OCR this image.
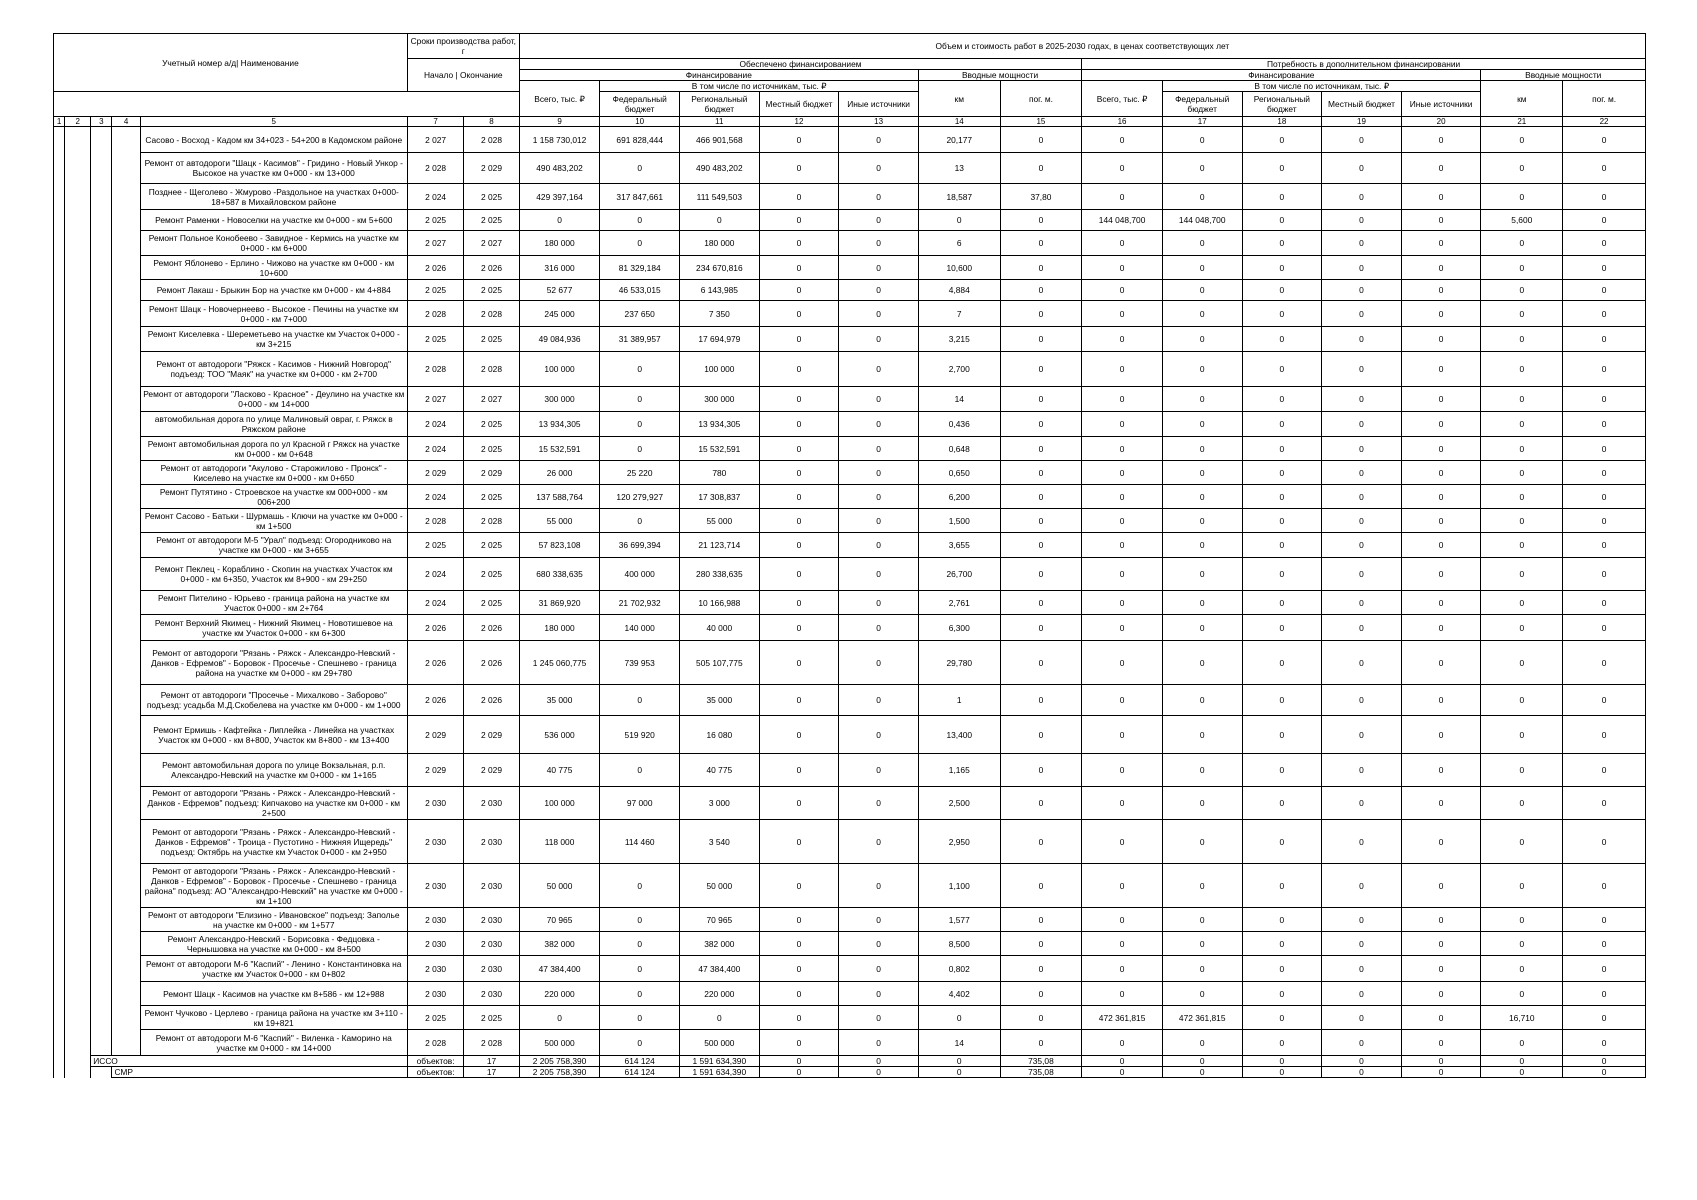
Учетный номер а/д| Наименование					Сроки производства работ, г		Объем и стоимость работ в 2025-2030 годах, в ценах соответствующих лет													

					Начало | Окончание		Обеспечено финансированием							Потребность в дополнительном финансировании						
							Финансирование					Вводные мощности		Финансирование					Вводные мощности	
							Всего, тыс. ₽	В том числе по источникам, тыс. ₽				км	пог. м.	Всего, тыс. ₽	В том числе по источникам, тыс. ₽				км	пог. м.
								Федеральный бюджет	Региональный бюджет	Местный бюджет	Иные источники				Федеральный бюджет	Региональный бюджет	Местный бюджет	Иные источники		
1	2	3	4	5	7	8	9	10	11	12	13	14	15	16	17	18	19	20	21	22
				Сасово - Восход - Кадом км 34+023 - 54+200 в Кадомском районе	2 027	2 028	1 158 730,012	691 828,444	466 901,568	0	0	20,177	0	0	0	0	0	0	0	0
				Ремонт от автодороги "Шацк - Касимов" - Гридино - Новый Ункор - Высокое на участке км 0+000 - км 13+000	2 028	2 029	490 483,202	0	490 483,202	0	0	13	0	0	0	0	0	0	0	0
				Позднее - Щеголево - Жмурово -Раздольное на участках 0+000-18+587 в Михайловском районе	2 024	2 025	429 397,164	317 847,661	111 549,503	0	0	18,587	37,80	0	0	0	0	0	0	0
				Ремонт Раменки - Новоселки на участке км 0+000 - км 5+600	2 025	2 025	0	0	0	0	0	0	0	144 048,700	144 048,700	0	0	0	5,600	0
				Ремонт Польное Конобеево - Завидное - Кермись на участке км 0+000 - км 6+000	2 027	2 027	180 000	0	180 000	0	0	6	0	0	0	0	0	0	0	0
				Ремонт Яблонево - Ерлино - Чижово на участке км 0+000 - км 10+600	2 026	2 026	316 000	81 329,184	234 670,816	0	0	10,600	0	0	0	0	0	0	0	0
				Ремонт Лакаш - Брыкин Бор на участке км 0+000 - км 4+884	2 025	2 025	52 677	46 533,015	6 143,985	0	0	4,884	0	0	0	0	0	0	0	0
				Ремонт Шацк - Новочернеево - Высокое - Печины на участке км 0+000 - км 7+000	2 028	2 028	245 000	237 650	7 350	0	0	7	0	0	0	0	0	0	0	0
				Ремонт Киселевка - Шереметьево на участке км Участок 0+000 - км 3+215	2 025	2 025	49 084,936	31 389,957	17 694,979	0	0	3,215	0	0	0	0	0	0	0	0
				Ремонт от автодороги "Ряжск - Касимов - Нижний Новгород" подъезд: ТОО "Маяк" на участке км 0+000 - км 2+700	2 028	2 028	100 000	0	100 000	0	0	2,700	0	0	0	0	0	0	0	0
				Ремонт от автодороги "Ласково - Красное" - Деулино на участке км 0+000 - км 14+000	2 027	2 027	300 000	0	300 000	0	0	14	0	0	0	0	0	0	0	0
				автомобильная дорога по улице Малиновый овраг, г. Ряжск в Ряжском районе	2 024	2 025	13 934,305	0	13 934,305	0	0	0,436	0	0	0	0	0	0	0	0
				Ремонт автомобильная дорога по ул Красной г Ряжск на участке км 0+000 - км 0+648	2 024	2 025	15 532,591	0	15 532,591	0	0	0,648	0	0	0	0	0	0	0	0
				Ремонт от автодороги "Акулово - Старожилово - Пронск" - Киселево на участке км 0+000 - км 0+650	2 029	2 029	26 000	25 220	780	0	0	0,650	0	0	0	0	0	0	0	0
				Ремонт Путятино - Строевское на участке км 000+000 - км 006+200	2 024	2 025	137 588,764	120 279,927	17 308,837	0	0	6,200	0	0	0	0	0	0	0	0
				Ремонт Сасово - Батьки - Шурмашь - Ключи на участке км 0+000 - км 1+500	2 028	2 028	55 000	0	55 000	0	0	1,500	0	0	0	0	0	0	0	0
				Ремонт от автодороги М-5 "Урал" подъезд: Огородниково на участке км 0+000 - км 3+655	2 025	2 025	57 823,108	36 699,394	21 123,714	0	0	3,655	0	0	0	0	0	0	0	0
				Ремонт Пеклец - Кораблино - Скопин на участках Участок км 0+000 - км 6+350, Участок км 8+900 - км 29+250	2 024	2 025	680 338,635	400 000	280 338,635	0	0	26,700	0	0	0	0	0	0	0	0
				Ремонт Пителино - Юрьево - граница района на участке км Участок 0+000 - км 2+764	2 024	2 025	31 869,920	21 702,932	10 166,988	0	0	2,761	0	0	0	0	0	0	0	0
				Ремонт Верхний Якимец - Нижний Якимец - Новотишевое на участке км Участок 0+000 - км 6+300	2 026	2 026	180 000	140 000	40 000	0	0	6,300	0	0	0	0	0	0	0	0
				Ремонт от автодороги "Рязань - Ряжск - Александро-Невский - Данков - Ефремов" - Боровок - Просечье - Спешнево - граница района на участке км 0+000 - км 29+780	2 026	2 026	1 245 060,775	739 953	505 107,775	0	0	29,780	0	0	0	0	0	0	0	0
				Ремонт от автодороги "Просечье - Михалково - Заборово" подъезд: усадьба М.Д.Скобелева на участке км 0+000 - км 1+000	2 026	2 026	35 000	0	35 000	0	0	1	0	0	0	0	0	0	0	0
				Ремонт Ермишь - Кафтейка - Липлейка - Линейка на участках Участок км 0+000 - км 8+800, Участок км 8+800 - км 13+400	2 029	2 029	536 000	519 920	16 080	0	0	13,400	0	0	0	0	0	0	0	0
				Ремонт автомобильная дорога по улице Вокзальная, р.п. Александро-Невский на участке км 0+000 - км 1+165	2 029	2 029	40 775	0	40 775	0	0	1,165	0	0	0	0	0	0	0	0
				Ремонт от автодороги "Рязань - Ряжск - Александро-Невский - Данков - Ефремов" подъезд: Кипчаково на участке км 0+000 - км 2+500	2 030	2 030	100 000	97 000	3 000	0	0	2,500	0	0	0	0	0	0	0	0
				Ремонт от автодороги "Рязань - Ряжск - Александро-Невский - Данков - Ефремов" - Троица - Пустотино - Нижняя Ищередь" подъезд: Октябрь на участке км Участок 0+000 - км 2+950	2 030	2 030	118 000	114 460	3 540	0	0	2,950	0	0	0	0	0	0	0	0
				Ремонт от автодороги "Рязань - Ряжск - Александро-Невский - Данков - Ефремов" - Боровок - Просечье - Спешнево - граница района" подъезд: АО "Александро-Невский" на участке км 0+000 - км 1+100	2 030	2 030	50 000	0	50 000	0	0	1,100	0	0	0	0	0	0	0	0
				Ремонт от автодороги "Елизино - Ивановское" подъезд: Заполье на участке км 0+000 - км 1+577	2 030	2 030	70 965	0	70 965	0	0	1,577	0	0	0	0	0	0	0	0
				Ремонт Александро-Невский - Борисовка - Федцовка - Чернышовка на участке км 0+000 - км 8+500	2 030	2 030	382 000	0	382 000	0	0	8,500	0	0	0	0	0	0	0	0
				Ремонт от автодороги М-6 "Каспий" - Ленино - Константиновка на участке км Участок 0+000 - км 0+802	2 030	2 030	47 384,400	0	47 384,400	0	0	0,802	0	0	0	0	0	0	0	0
				Ремонт Шацк - Касимов на участке км 8+586 - км 12+988	2 030	2 030	220 000	0	220 000	0	0	4,402	0	0	0	0	0	0	0	0
				Ремонт Чучково - Церлево - граница района на участке км 3+110 - км 19+821	2 025	2 025	0	0	0	0	0	0	0	472 361,815	472 361,815	0	0	0	16,710	0
				Ремонт от автодороги М-6 "Каспий" - Виленка - Каморино на участке км 0+000 - км 14+000	2 028	2 028	500 000	0	500 000	0	0	14	0	0	0	0	0	0	0	0
		ИССО			объектов:	17	2 205 758,390	614 124	1 591 634,390	0	0	0	735,08	0	0	0	0	0	0	0
			СМР		объектов:	17	2 205 758,390	614 124	1 591 634,390	0	0	0	735,08	0	0	0	0	0	0	0
